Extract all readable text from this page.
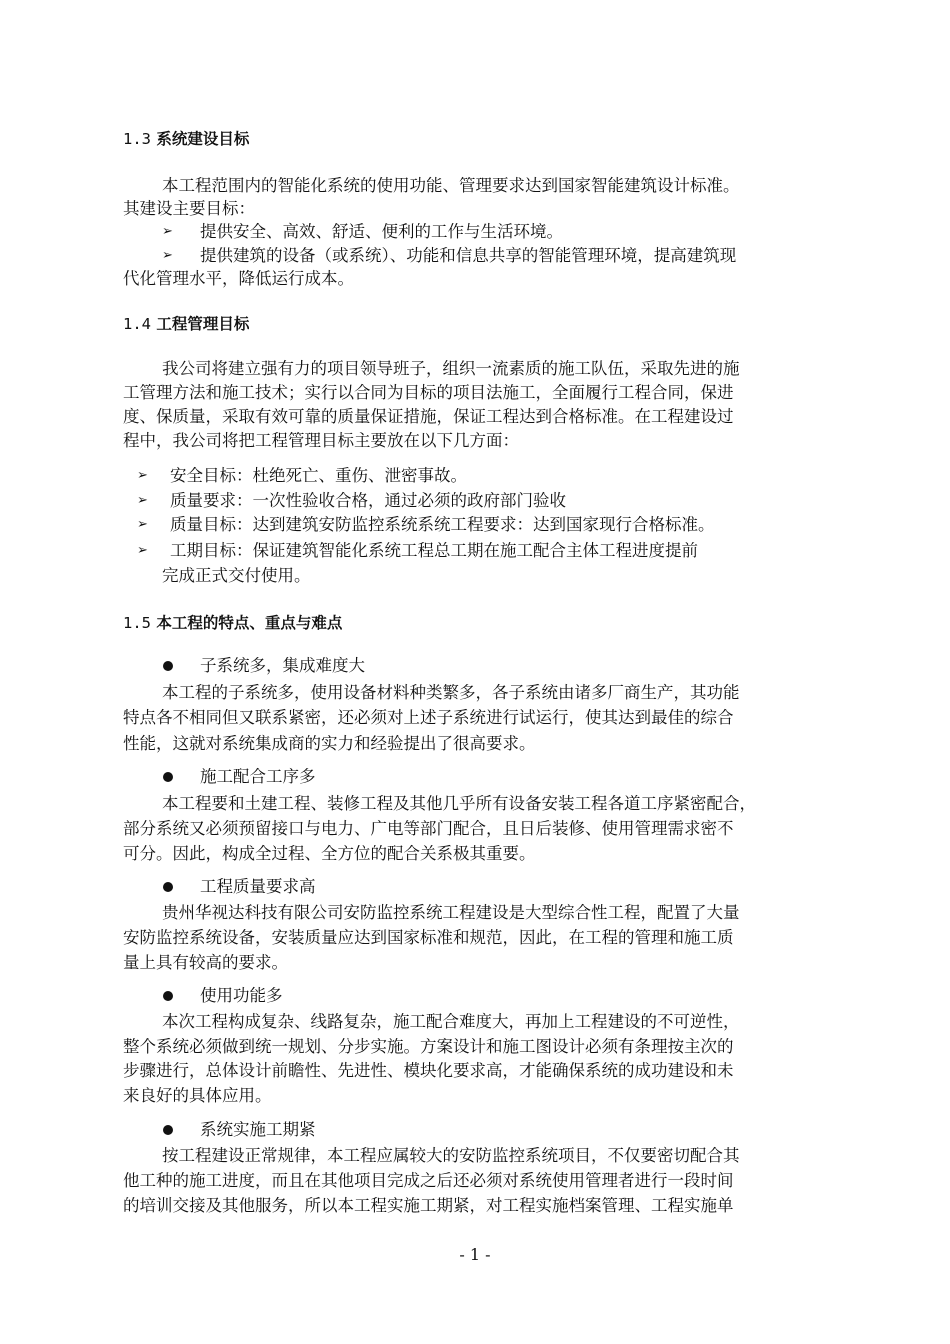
1.3 系统建设目标
本工程范围内的智能化系统的使用功能、管理要求达到国家智能建筑设计标准。
其建设主要目标：
➢ 提供安全、高效、舒适、便利的工作与生活环境。
➢ 提供建筑的设备（或系统）、功能和信息共享的智能管理环境，提高建筑现
代化管理水平，降低运行成本。
1.4 工程管理目标
我公司将建立强有力的项目领导班子，组织一流素质的施工队伍，采取先进的施
工管理方法和施工技术；实行以合同为目标的项目法施工，全面履行工程合同，保进
度、保质量，采取有效可靠的质量保证措施，保证工程达到合格标准。在工程建设过
程中，我公司将把工程管理目标主要放在以下几方面：
➢ 安全目标：杜绝死亡、重伤、泄密事故。
➢ 质量要求：一次性验收合格，通过必须的政府部门验收
➢ 质量目标：达到建筑安防监控系统系统工程要求：达到国家现行合格标准。
➢ 工期目标：保证建筑智能化系统工程总工期在施工配合主体工程进度提前
完成正式交付使用。
1.5 本工程的特点、重点与难点
子系统多，集成难度大
本工程的子系统多，使用设备材料种类繁多，各子系统由诸多厂商生产，其功能
特点各不相同但又联系紧密，还必须对上述子系统进行试运行，使其达到最佳的综合
性能，这就对系统集成商的实力和经验提出了很高要求。
施工配合工序多
本工程要和土建工程、装修工程及其他几乎所有设备安装工程各道工序紧密配合，
部分系统又必须预留接口与电力、广电等部门配合，且日后装修、使用管理需求密不
可分。因此，构成全过程、全方位的配合关系极其重要。
工程质量要求高
贵州华视达科技有限公司安防监控系统工程建设是大型综合性工程，配置了大量
安防监控系统设备，安装质量应达到国家标准和规范，因此，在工程的管理和施工质
量上具有较高的要求。
使用功能多
本次工程构成复杂、线路复杂，施工配合难度大，再加上工程建设的不可逆性，
整个系统必须做到统一规划、分步实施。方案设计和施工图设计必须有条理按主次的
步骤进行，总体设计前瞻性、先进性、模块化要求高，才能确保系统的成功建设和未
来良好的具体应用。
系统实施工期紧
按工程建设正常规律，本工程应属较大的安防监控系统项目，不仅要密切配合其
他工种的施工进度，而且在其他项目完成之后还必须对系统使用管理者进行一段时间
的培训交接及其他服务，所以本工程实施工期紧，对工程实施档案管理、工程实施单
- 1 -
